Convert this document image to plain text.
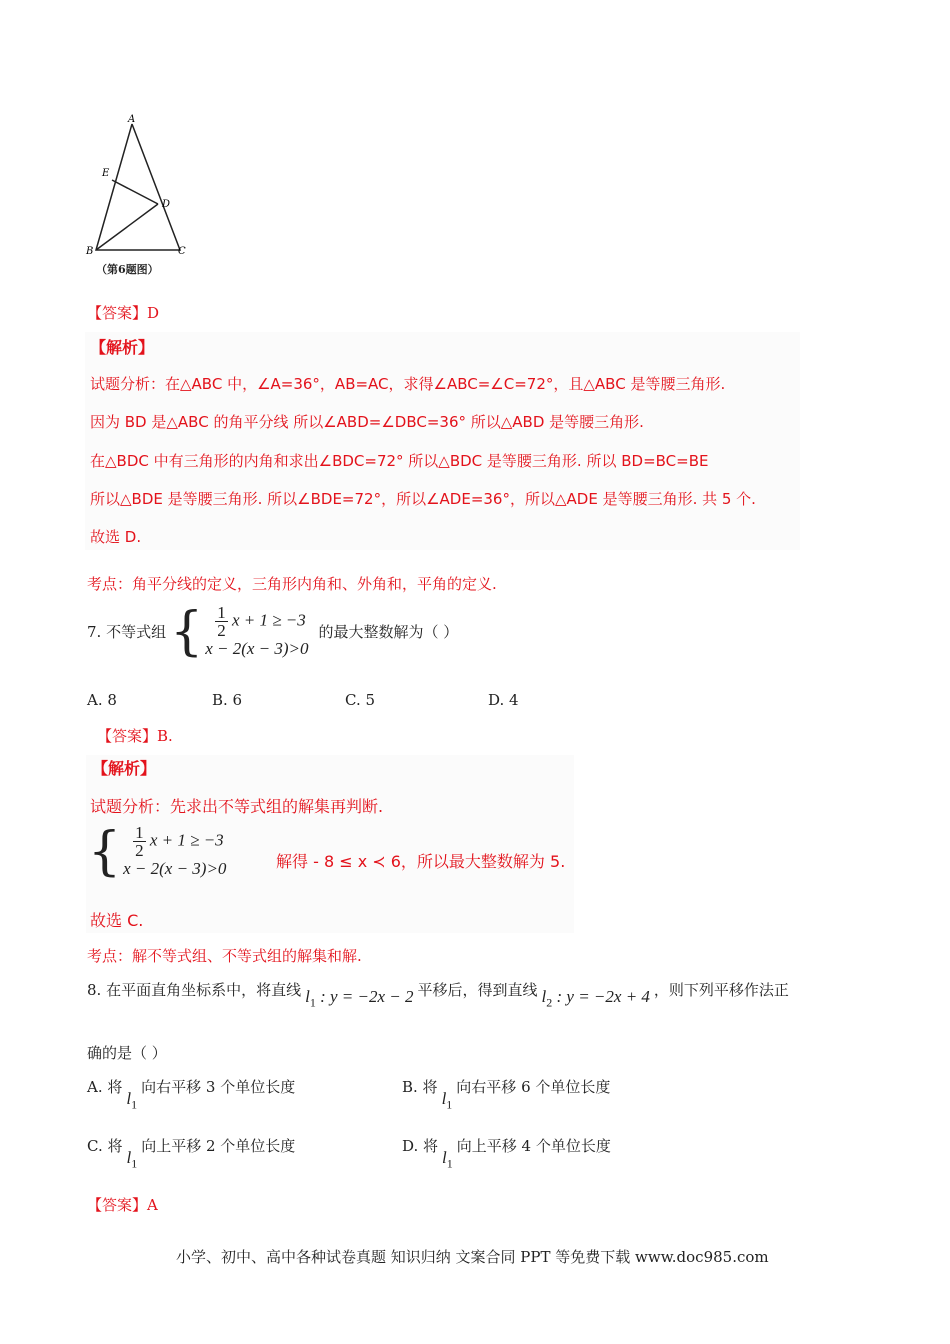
A
E
D
B	C
（第6题图）
【答案】D
【解析】
试题分析：在△ABC 中，∠A=36°，AB=AC，求得∠ABC=∠C=72°，且△ABC 是等腰三角形.
因为 BD 是△ABC 的角平分线 所以∠ABD=∠DBC=36° 所以△ABD 是等腰三角形.
在△BDC 中有三角形的内角和求出∠BDC=72° 所以△BDC 是等腰三角形. 所以 BD=BC=BE
所以△BDE 是等腰三角形. 所以∠BDE=72°，所以∠ADE=36°，所以△ADE 是等腰三角形. 共 5 个.
故选 D.
考点：角平分线的定义，三角形内角和、外角和，平角的定义.
7. 不等式组 { $\frac{1}{2}$ x + 1 ≥ −3
x − 2(x − 3)>0
的最大整数解为（ ）
A. 8	B. 6	C. 5	D. 4
【答案】B.
【解析】
试题分析：先求出不等式组的解集再判断.
{ $\frac{1}{2}$ x + 1 ≥ −3
x − 2(x − 3)>0	解得 - 8 ≤ x ≺ 6，所以最大整数解为 5.
故选 C.
考点：解不等式组、不等式组的解集和解.
8. 在平面直角坐标系中，将直线 $l_1$ : y = −2x − 2 平移后，得到直线 $l_2$ : y = −2x + 4 ，则下列平移作法正
确的是（ ）
A. 将$l_1$向右平移 3 个单位长度	B. 将$l_1$向右平移 6 个单位长度
C. 将$l_1$向上平移 2 个单位长度	D. 将$l_1$向上平移 4 个单位长度
【答案】A
小学、初中、高中各种试卷真题 知识归纳 文案合同 PPT 等免费下载 www.doc985.com
